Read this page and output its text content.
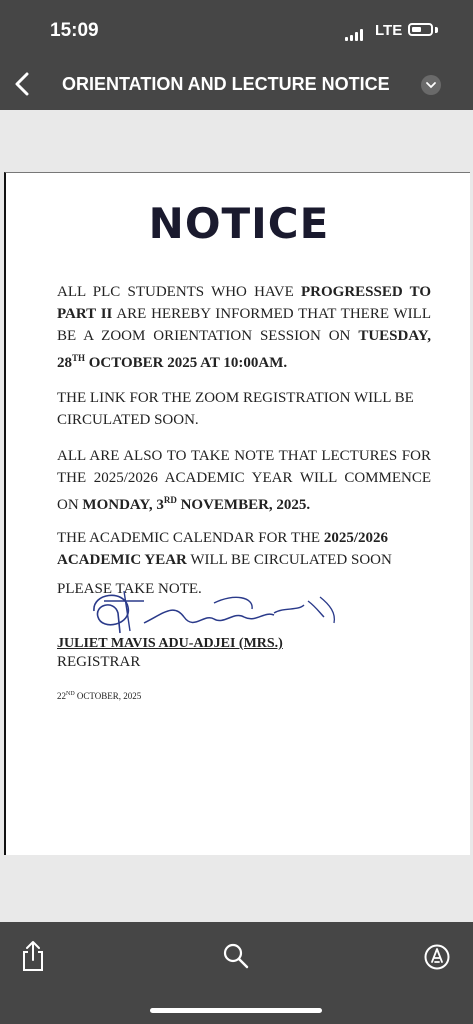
15:09	LTE
ORIENTATION AND LECTURE NOTICE
NOTICE
ALL PLC STUDENTS WHO HAVE PROGRESSED TO PART II ARE HEREBY INFORMED THAT THERE WILL BE A ZOOM ORIENTATION SESSION ON TUESDAY, 28TH OCTOBER 2025 AT 10:00AM.
THE LINK FOR THE ZOOM REGISTRATION WILL BE CIRCULATED SOON.
ALL ARE ALSO TO TAKE NOTE THAT LECTURES FOR THE 2025/2026 ACADEMIC YEAR WILL COMMENCE ON MONDAY, 3RD NOVEMBER, 2025.
THE ACADEMIC CALENDAR FOR THE 2025/2026 ACADEMIC YEAR WILL BE CIRCULATED SOON
PLEASE TAKE NOTE.
JULIET MAVIS ADU-ADJEI (MRS.)
REGISTRAR
22ND OCTOBER, 2025
